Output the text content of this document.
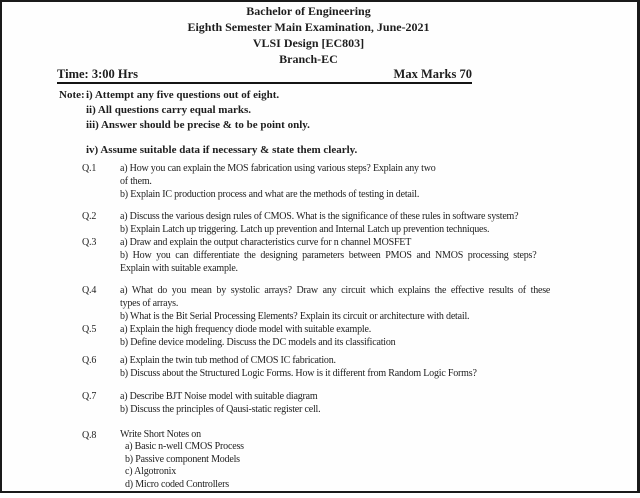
Bachelor of Engineering
Eighth Semester Main Examination, June-2021
VLSI Design [EC803]
Branch-EC
Time: 3:00 Hrs	Max Marks 70
Note: i) Attempt any five questions out of eight.
ii) All questions carry equal marks.
iii) Answer should be precise & to be point only.
iv) Assume suitable data if necessary & state them clearly.
Q.1	a) How you can explain the MOS fabrication using various steps? Explain any two
of them.
b) Explain IC production process and what are the methods of testing in detail.
Q.2	a) Discuss the various design rules of CMOS. What is the significance of these rules in software system?
b) Explain Latch up triggering. Latch up prevention and Internal Latch up prevention techniques.
Q.3	a) Draw and explain the output characteristics curve for n channel MOSFET
b) How you can differentiate the designing parameters between PMOS and NMOS processing steps?
Explain with suitable example.
Q.4	a) What do you mean by systolic arrays? Draw any circuit which explains the effective results of these
types of arrays.
b) What is the Bit Serial Processing Elements? Explain its circuit or architecture with detail.
Q.5	a) Explain the high frequency diode model with suitable example.
b) Define device modeling. Discuss the DC models and its classification
Q.6	a) Explain the twin tub method of CMOS IC fabrication.
b) Discuss about the Structured Logic Forms. How is it different from Random Logic Forms?
Q.7	a) Describe BJT Noise model with suitable diagram
b) Discuss the principles of Qausi-static register cell.
Q.8	Write Short Notes on
a) Basic n-well CMOS Process
b) Passive component Models
c) Algotronix
d) Micro coded Controllers
